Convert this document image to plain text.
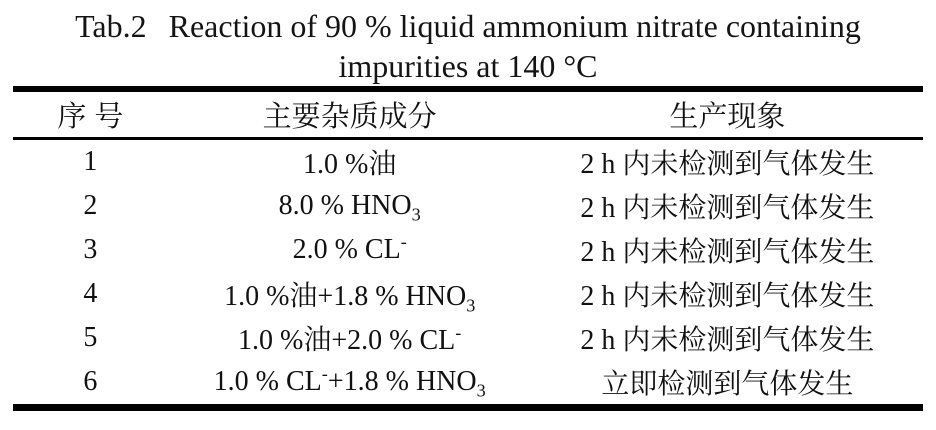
Tab.2 Reaction of 90 % liquid ammonium nitrate containing
impurities at 140 °C
序号	主要杂质成分	生产现象
1	1.0 %油	2 h 内未检测到气体发生
2	8.0 % $HNO_3$	2 h 内未检测到气体发生
3	2.0 % CL-	2 h 内未检测到气体发生
4	1.0 %油+1.8 % $HNO_3$	2 h 内未检测到气体发生
5	1.0 %油+2.0 % CL-	2 h 内未检测到气体发生
6	1.0 % CL-+1.8 % $HNO_3$	立即检测到气体发生
